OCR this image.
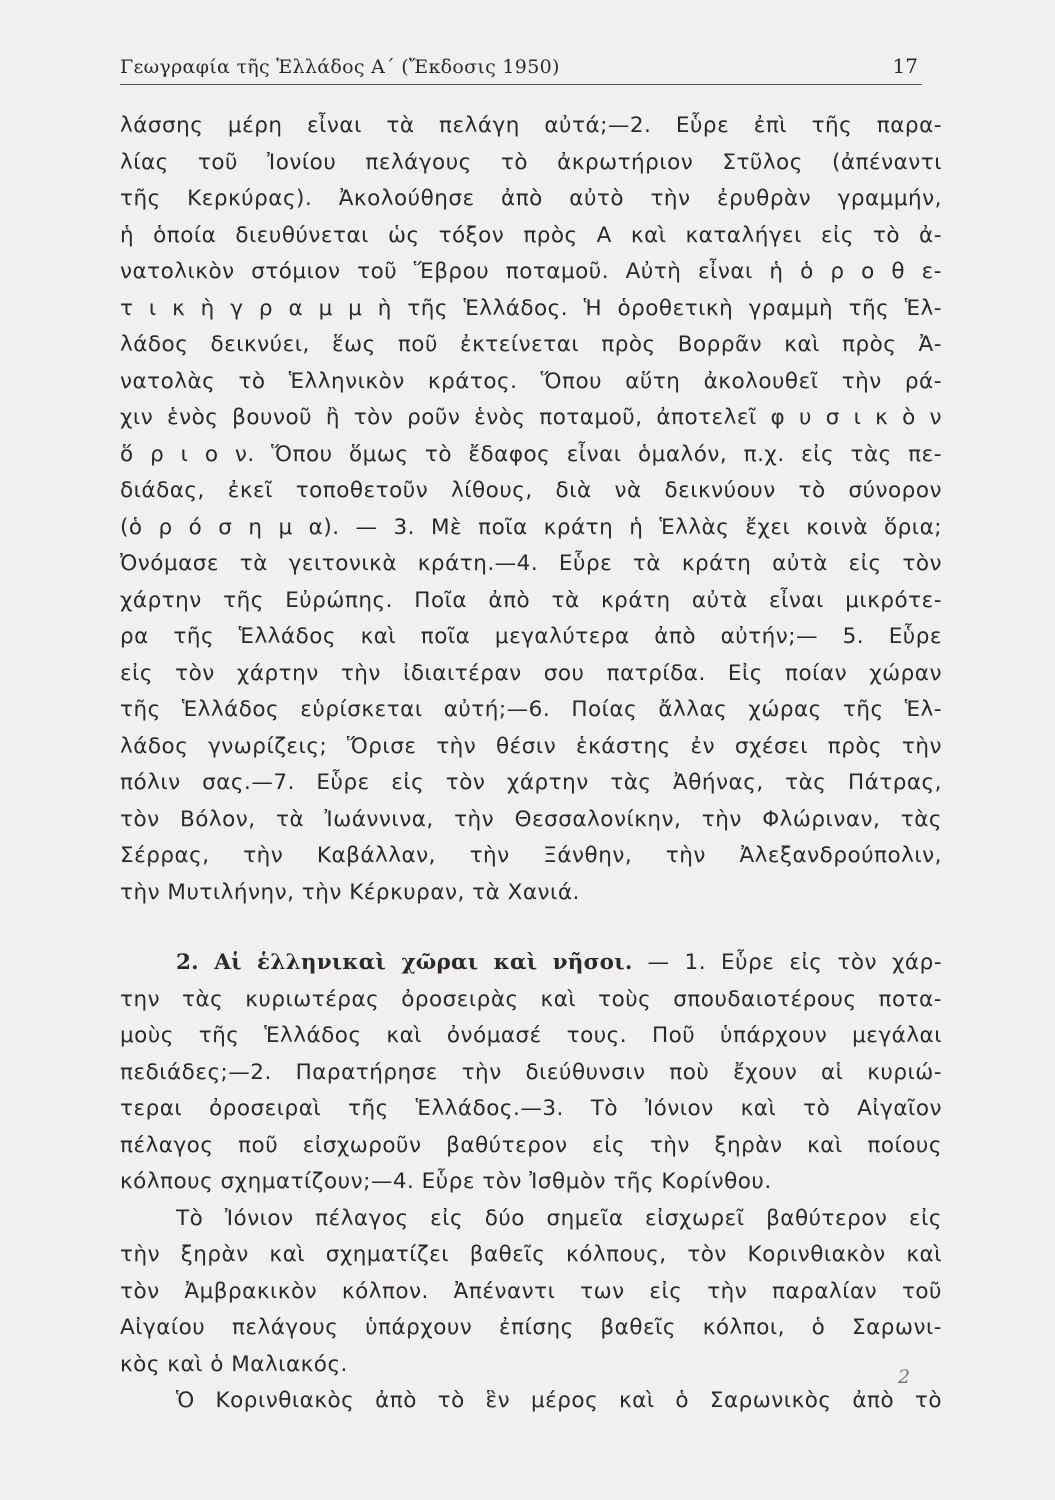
Γεωγραφία τῆς Ἑλλάδος Α΄ (Ἔκδοσις 1950)	17
λάσσης μέρη εἶναι τὰ πελάγη αὐτά;—2. Εὗρε ἐπὶ τῆς παρα-
λίας τοῦ Ἰονίου πελάγους τὸ ἀκρωτήριον Στῦλος (ἀπέναντι
τῆς Κερκύρας). Ἀκολούθησε ἀπὸ αὐτὸ τὴν ἐρυθρὰν γραμμήν,
ἡ ὁποία διευθύνεται ὡς τόξον πρὸς Α καὶ καταλήγει εἰς τὸ ἀ-
νατολικὸν στόμιον τοῦ Ἕβρου ποταμοῦ. Αὐτὴ εἶναι ἡ ὁ ρ ο θ ε-
τ ι κ ὴ γ ρ α μ μ ὴ τῆς Ἑλλάδος. Ἡ ὁροθετικὴ γραμμὴ τῆς Ἑλ-
λάδος δεικνύει, ἕως ποῦ ἐκτείνεται πρὸς Βορρᾶν καὶ πρὸς Ἀ-
νατολὰς τὸ Ἑλληνικὸν κράτος. Ὅπου αὕτη ἀκολουθεῖ τὴν ρά-
χιν ἑνὸς βουνοῦ ἢ τὸν ροῦν ἑνὸς ποταμοῦ, ἀποτελεῖ φ υ σ ι κ ὸ ν
ὅ ρ ι ο ν. Ὅπου ὅμως τὸ ἔδαφος εἶναι ὁμαλόν, π.χ. εἰς τὰς πε-
διάδας, ἐκεῖ τοποθετοῦν λίθους, διὰ νὰ δεικνύουν τὸ σύνορον
(ὁ ρ ό σ η μ α). — 3. Μὲ ποῖα κράτη ἡ Ἑλλὰς ἔχει κοινὰ ὅρια;
Ὀνόμασε τὰ γειτονικὰ κράτη.—4. Εὗρε τὰ κράτη αὐτὰ εἰς τὸν
χάρτην τῆς Εὐρώπης. Ποῖα ἀπὸ τὰ κράτη αὐτὰ εἶναι μικρότε-
ρα τῆς Ἑλλάδος καὶ ποῖα μεγαλύτερα ἀπὸ αὐτήν;— 5. Εὗρε
εἰς τὸν χάρτην τὴν ἰδιαιτέραν σου πατρίδα. Εἰς ποίαν χώραν
τῆς Ἑλλάδος εὑρίσκεται αὐτή;—6. Ποίας ἄλλας χώρας τῆς Ἑλ-
λάδος γνωρίζεις; Ὅρισε τὴν θέσιν ἑκάστης ἐν σχέσει πρὸς τὴν
πόλιν σας.—7. Εὗρε εἰς τὸν χάρτην τὰς Ἀθήνας, τὰς Πάτρας,
τὸν Βόλον, τὰ Ἰωάννινα, τὴν Θεσσαλονίκην, τὴν Φλώριναν, τὰς
Σέρρας, τὴν Καβάλλαν, τὴν Ξάνθην, τὴν Ἀλεξανδρούπολιν,
τὴν Μυτιλήνην, τὴν Κέρκυραν, τὰ Χανιά.
2. Αἱ ἑλληνικαὶ χῶραι καὶ νῆσοι. — 1. Εὗρε εἰς τὸν χάρ-
την τὰς κυριωτέρας ὀροσειρὰς καὶ τοὺς σπουδαιοτέρους ποτα-
μοὺς τῆς Ἑλλάδος καὶ ὀνόμασέ τους. Ποῦ ὑπάρχουν μεγάλαι
πεδιάδες;—2. Παρατήρησε τὴν διεύθυνσιν ποὺ ἔχουν αἱ κυριώ-
τεραι ὀροσειραὶ τῆς Ἑλλάδος.—3. Τὸ Ἰόνιον καὶ τὸ Αἰγαῖον
πέλαγος ποῦ εἰσχωροῦν βαθύτερον εἰς τὴν ξηρὰν καὶ ποίους
κόλπους σχηματίζουν;—4. Εὗρε τὸν Ἰσθμὸν τῆς Κορίνθου.
Τὸ Ἰόνιον πέλαγος εἰς δύο σημεῖα εἰσχωρεῖ βαθύτερον εἰς
τὴν ξηρὰν καὶ σχηματίζει βαθεῖς κόλπους, τὸν Κορινθιακὸν καὶ
τὸν Ἀμβρακικὸν κόλπον. Ἀπέναντι των εἰς τὴν παραλίαν τοῦ
Αἰγαίου πελάγους ὑπάρχουν ἐπίσης βαθεῖς κόλποι, ὁ Σαρωνι-
κὸς καὶ ὁ Μαλιακός.
Ὁ Κορινθιακὸς ἀπὸ τὸ ἓν μέρος καὶ ὁ Σαρωνικὸς ἀπὸ τὸ
2
